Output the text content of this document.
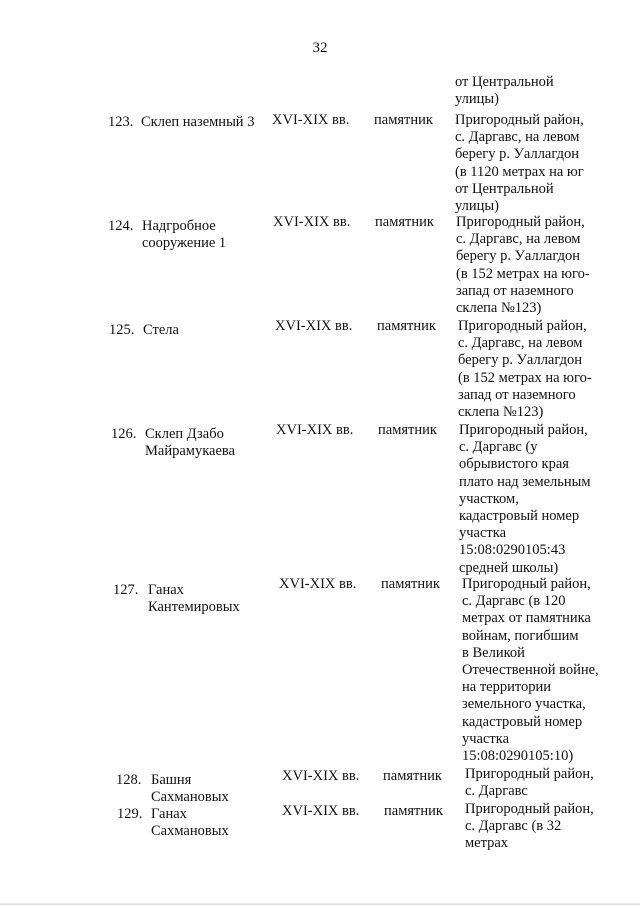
32
от Центральной
улицы)
123. Склеп наземный 3 XVI-XIX вв. памятник Пригородный район,
с. Даргавс, на левом
берегу р. Уаллагдон
(в 1120 метрах на юг
от Центральной
улицы)
124. Надгробное
сооружение 1
XVI-XIX вв. памятник Пригородный район,
с. Даргавс, на левом
берегу р. Уаллагдон
(в 152 метрах на юго-
запад от наземного
склепа №123)
125. Стела	XVI-XIX вв. памятник Пригородный район,
с. Даргавс, на левом
берегу р. Уаллагдон
(в 152 метрах на юго-
запад от наземного
склепа №123)
126. Склеп Дзабо
Майрамукаева
XVI-XIX вв. памятник Пригородный район,
с. Даргавс (у
обрывистого края
плато над земельным
участком,
кадастровый номер
участка
15:08:0290105:43
средней школы)
127. Ганах
Кантемировых
XVI-XIX вв. памятник Пригородный район,
с. Даргавс (в 120
метрах от памятника
войнам, погибшим
в Великой
Отечественной войне,
на территории
земельного участка,
кадастровый номер
участка
15:08:0290105:10)
128. Башня
Сахмановых
XVI-XIX вв. памятник Пригородный район,
с. Даргавс
129. Ганах
Сахмановых
XVI-XIX вв. памятник Пригородный район,
с. Даргавс (в 32
метрах
